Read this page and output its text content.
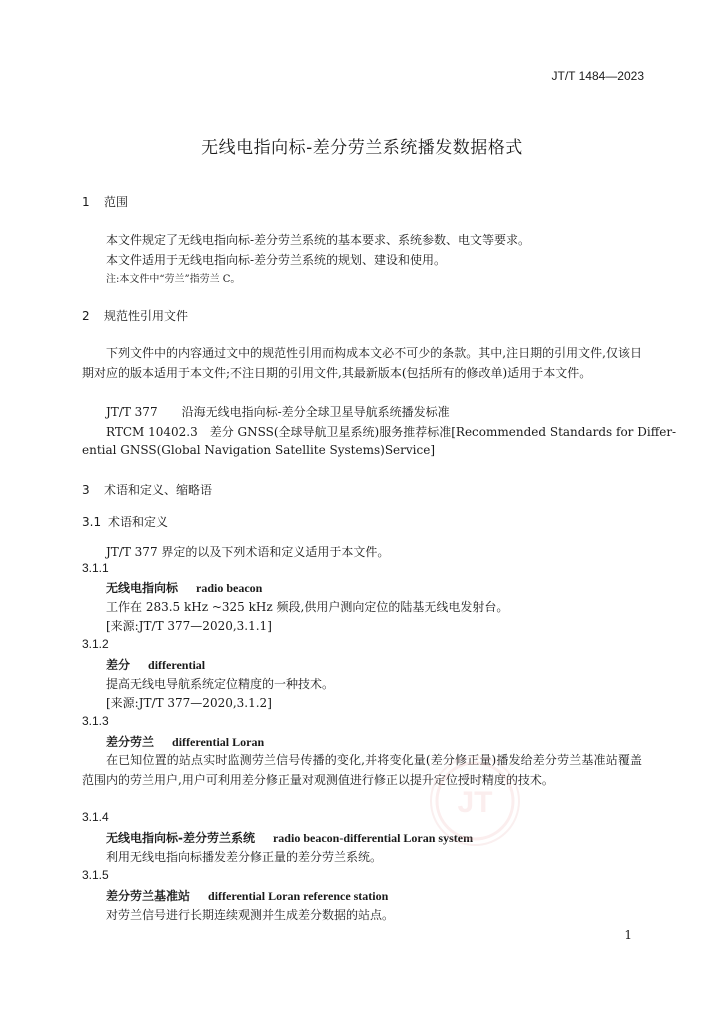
JT/T 1484—2023
无线电指向标-差分劳兰系统播发数据格式
1 范围
本文件规定了无线电指向标-差分劳兰系统的基本要求、系统参数、电文等要求。
本文件适用于无线电指向标-差分劳兰系统的规划、建设和使用。
注:本文件中“劳兰”指劳兰 C。
2 规范性引用文件
下列文件中的内容通过文中的规范性引用而构成本文必不可少的条款。其中,注日期的引用文件,仅该日期对应的版本适用于本文件;不注日期的引用文件,其最新版本(包括所有的修改单)适用于本文件。
JT/T 377 沿海无线电指向标-差分全球卫星导航系统播发标准
RTCM 10402.3　差分 GNSS(全球导航卫星系统)服务推荐标准[Recommended Standards for Differ-
ential GNSS(Global Navigation Satellite Systems)Service]
3 术语和定义、缩略语
3.1 术语和定义
JT/T 377 界定的以及下列术语和定义适用于本文件。
3.1.1
无线电指向标 radio beacon
工作在 283.5 kHz ~325 kHz 频段,供用户测向定位的陆基无线电发射台。
[来源:JT/T 377—2020,3.1.1]
3.1.2
差分 differential
提高无线电导航系统定位精度的一种技术。
[来源:JT/T 377—2020,3.1.2]
3.1.3
差分劳兰 differential Loran
在已知位置的站点实时监测劳兰信号传播的变化,并将变化量(差分修正量)播发给差分劳兰基准站覆盖范围内的劳兰用户,用户可利用差分修正量对观测值进行修正以提升定位授时精度的技术。
3.1.4
无线电指向标-差分劳兰系统 radio beacon-differential Loran system
利用无线电指向标播发差分修正量的差分劳兰系统。
3.1.5
差分劳兰基准站 differential Loran reference station
对劳兰信号进行长期连续观测并生成差分数据的站点。
JT
1
